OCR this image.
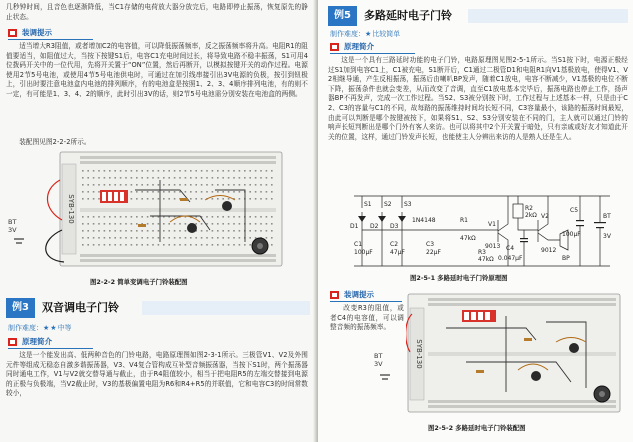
几秒钟时间，且音色也逐渐降低，当C1存储的电荷放大器分放完后，电路即停止振荡，恢复原先的静止状态。
装调提示
适当增大R3阻值，或者增加C2的电容值，可以降低振荡频率，反之振荡频率将升高。电阻R1的阻值要适当，如阻值过大，当按下按键S1后，电容C1充电时间过长，将导致电路不稳丰振荡，S1可用4位拨码开关中的一位代用，先将开关置于“ON”位置，然后再断开，以模拟按键开关的动作过程。电源使用2节5号电池，或使用4节5号电池供电时，可通过在加引线串接引出3V电源的负极，按引到钮极上，引出时要注意电池盒内电池的排列顺序，有的电池盒是按照1、2、3、4顺序排列电池，有的则不一定，有可能是1、3、4、2的顺序，此时引出3V的话，则2节5号电池需分别安装在电池盒的两侧。
装配图见图2-2-2所示。
SYB-130
BT
3V
图2-2-2 简单变调电子门铃装配图
例3	双音调电子门铃
制作难度：★★中等
原理简介
这是一个能发出高、低两种音色的门铃电路，电路原理图如图2-3-1所示。三极管V1、V2及外围元件等组成无稳态自激多谐振荡器，V3、V4复合管构成互补型音频振荡器，当按下S1时，两个振荡器同时通电工作，V1与V2就交替导通与截止，由于R4阻值较小，相当于把电阻R5的左端交替接到电源的正极与负极端，当V2截止时，V3的基极偏置电阻为R6和R4+R5的并联值，它和电容C3的时间常数较小，
例5	多路延时电子门铃
制作难度：★比较简单
原理简介
这是一个具有三路延时功能的电子门铃，电路原理图见图2-5-1所示。当S1按下时，电源正极经过S1加到电容C1上，C1被充电，S1断开后，C1通过二极管D1和电阻R1向V1基极放电，使得V1、V2相继导通，产生反相振荡，振荡后由喇叭BP发声，随着C1放电，电容不断减少，V1基极的电位不断下降，振荡条件也就会变差，从而改变了音调，直至C1放电基本完毕后，振荡电路也停止工作，扬声器BP不再发声，完成一次工作过程。当S2、S3被分别按下时，工作过程与上述基本一样，只是由于C2、C3的容量与C1的不同，故每路的振荡维持时间均长短不同，C3容量最小，该路的振荡时间最短，由此可以判断是哪个按键被按下，如果将S1、S2、S3分别安装在不同的门，主人就可以通过门铃的响声长短判断出是哪个门外有客人来访。也可以将其中2个开关置于暗处，只有亲戚或好友才知道此开关的位置，这样，通过门铃发声长短，也能使主人分辨出来访的人是熟人还是生人。
S1 S2 S3
D1 D2 D3
1N4148
C1
100μF
C2
47μF
C3
22μF
R1
47kΩ
R2
2kΩ
R3
47kΩ
V1
9013
V2
9012
C4
0.047μF	BP
C5
100μF
BT
3V
图2-5-1 多路延时电子门铃原理图
装调提示
改变R3的阻值，或者C4的电容值，可以调整音频的振荡频率。
SYB-130
BT
3V
图2-5-2 多路延时电子门铃装配图
